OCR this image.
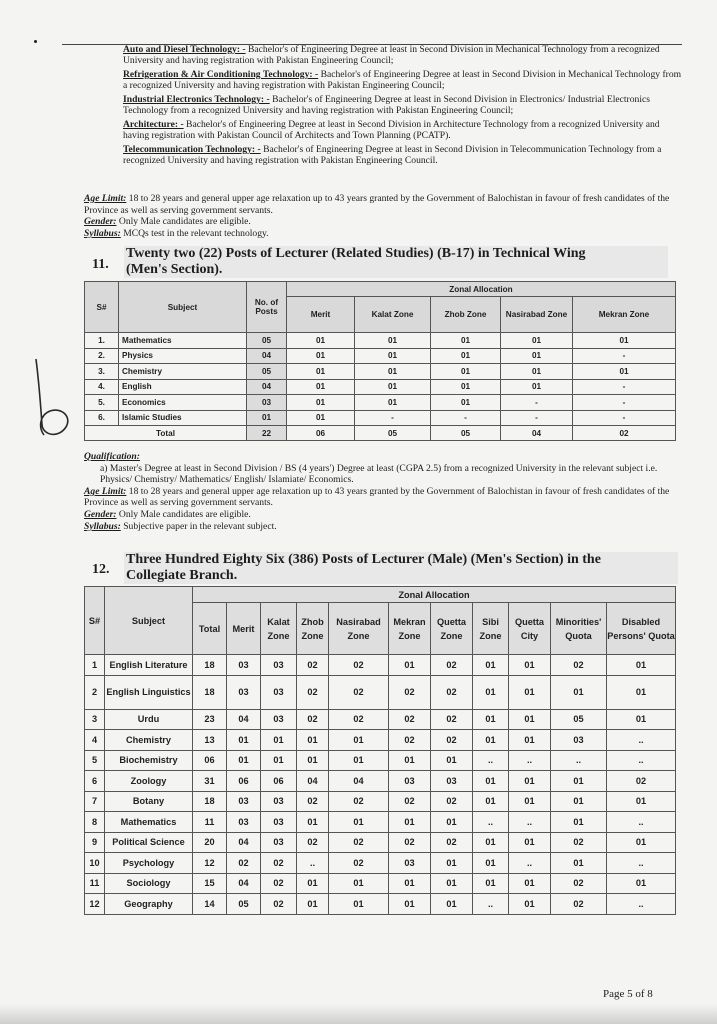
Auto and Diesel Technology: - Bachelor's of Engineering Degree at least in Second Division in Mechanical Technology from a recognized University and having registration with Pakistan Engineering Council;

Refrigeration & Air Conditioning Technology: - Bachelor's of Engineering Degree at least in Second Division in Mechanical Technology from a recognized University and having registration with Pakistan Engineering Council;

Industrial Electronics Technology: - Bachelor's of Engineering Degree at least in Second Division in Electronics/ Industrial Electronics Technology from a recognized University and having registration with Pakistan Engineering Council;

Architecture: - Bachelor's of Engineering Degree at least in Second Division in Architecture Technology from a recognized University and having registration with Pakistan Council of Architects and Town Planning (PCATP).

Telecommunication Technology: - Bachelor's of Engineering Degree at least in Second Division in Telecommunication Technology from a recognized University and having registration with Pakistan Engineering Council.

Age Limit: 18 to 28 years and general upper age relaxation up to 43 years granted by the Government of Balochistan in favour of fresh candidates of the Province as well as serving government servants.

Gender: Only Male candidates are eligible.

Syllabus: MCQs test in the relevant technology.

11.
Twenty two (22) Posts of Lecturer (Related Studies) (B-17) in Technical Wing
(Men's Section).
S#	Subject	No. of Posts	Zonal Allocation				
			Merit	Kalat Zone	Zhob Zone	Nasirabad Zone	Mekran Zone
1.	Mathematics	05	01	01	01	01	01
2.	Physics	04	01	01	01	01	-
3.	Chemistry	05	01	01	01	01	01
4.	English	04	01	01	01	01	-
5.	Economics	03	01	01	01	-	-
6.	Islamic Studies	01	01	-	-	-	-
Total		22	06	05	05	04	02

Qualification:

a) Master's Degree at least in Second Division / BS (4 years') Degree at least (CGPA 2.5) from a recognized University in the relevant subject i.e. Physics/ Chemistry/ Mathematics/ English/ Islamiate/ Economics.

Age Limit: 18 to 28 years and general upper age relaxation up to 43 years granted by the Government of Balochistan in favour of fresh candidates of the Province as well as serving government servants.

Gender: Only Male candidates are eligible.

Syllabus: Subjective paper in the relevant subject.

12.
Three Hundred Eighty Six (386) Posts of Lecturer (Male) (Men's Section) in the
Collegiate Branch.
S#	Subject	Zonal Allocation										
		Total	Merit	Kalat Zone	Zhob Zone	Nasirabad Zone	Mekran Zone	Quetta Zone	Sibi Zone	Quetta City	Minorities' Quota	Disabled Persons' Quota
1	English Literature	18	03	03	02	02	01	02	01	01	02	01
2	English Linguistics	18	03	03	02	02	02	02	01	01	01	01
3	Urdu	23	04	03	02	02	02	02	01	01	05	01
4	Chemistry	13	01	01	01	01	02	02	01	01	03	..
5	Biochemistry	06	01	01	01	01	01	01	..	..	..	..
6	Zoology	31	06	06	04	04	03	03	01	01	01	02
7	Botany	18	03	03	02	02	02	02	01	01	01	01
8	Mathematics	11	03	03	01	01	01	01	..	..	01	..
9	Political Science	20	04	03	02	02	02	02	01	01	02	01
10	Psychology	12	02	02	..	02	03	01	01	..	01	..
11	Sociology	15	04	02	01	01	01	01	01	01	02	01
12	Geography	14	05	02	01	01	01	01	..	01	02	..
Page 5 of 8
